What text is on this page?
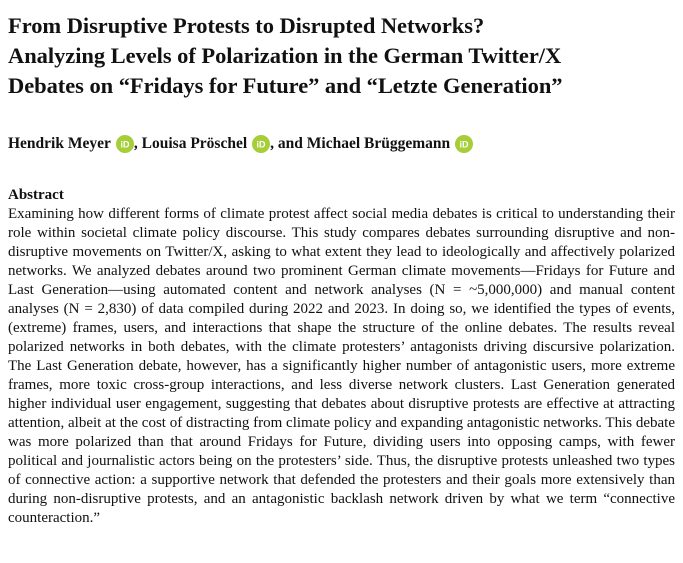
From Disruptive Protests to Disrupted Networks?
Analyzing Levels of Polarization in the German Twitter/X
Debates on “Fridays for Future” and “Letzte Generation”
Hendrik Meyer iD , Louisa Pröschel iD , and Michael Brüggemann iD
Abstract

Examining how different forms of climate protest affect social media debates is critical to understanding their role within societal climate policy discourse. This study compares debates surrounding disruptive and non-disruptive movements on Twitter/X, asking to what extent they lead to ideologically and affectively polarized networks. We analyzed debates around two prominent German climate movements—Fridays for Future and Last Generation—using automated content and network analyses (N = ~5,000,000) and manual content analyses (N = 2,830) of data compiled during 2022 and 2023. In doing so, we identified the types of events, (extreme) frames, users, and interactions that shape the structure of the online debates. The results reveal polarized networks in both debates, with the climate protesters’ antagonists driving discursive polarization. The Last Generation debate, however, has a significantly higher number of antagonistic users, more extreme frames, more toxic cross-group interactions, and less diverse network clusters. Last Generation generated higher individual user engagement, suggesting that debates about disruptive protests are effective at attracting attention, albeit at the cost of distracting from climate policy and expanding antagonistic networks. This debate was more polarized than that around Fridays for Future, dividing users into opposing camps, with fewer political and journalistic actors being on the protesters’ side. Thus, the disruptive protests unleashed two types of connective action: a supportive network that defended the protesters and their goals more extensively than during non-disruptive protests, and an antagonistic backlash network driven by what we term “connective counteraction.”
